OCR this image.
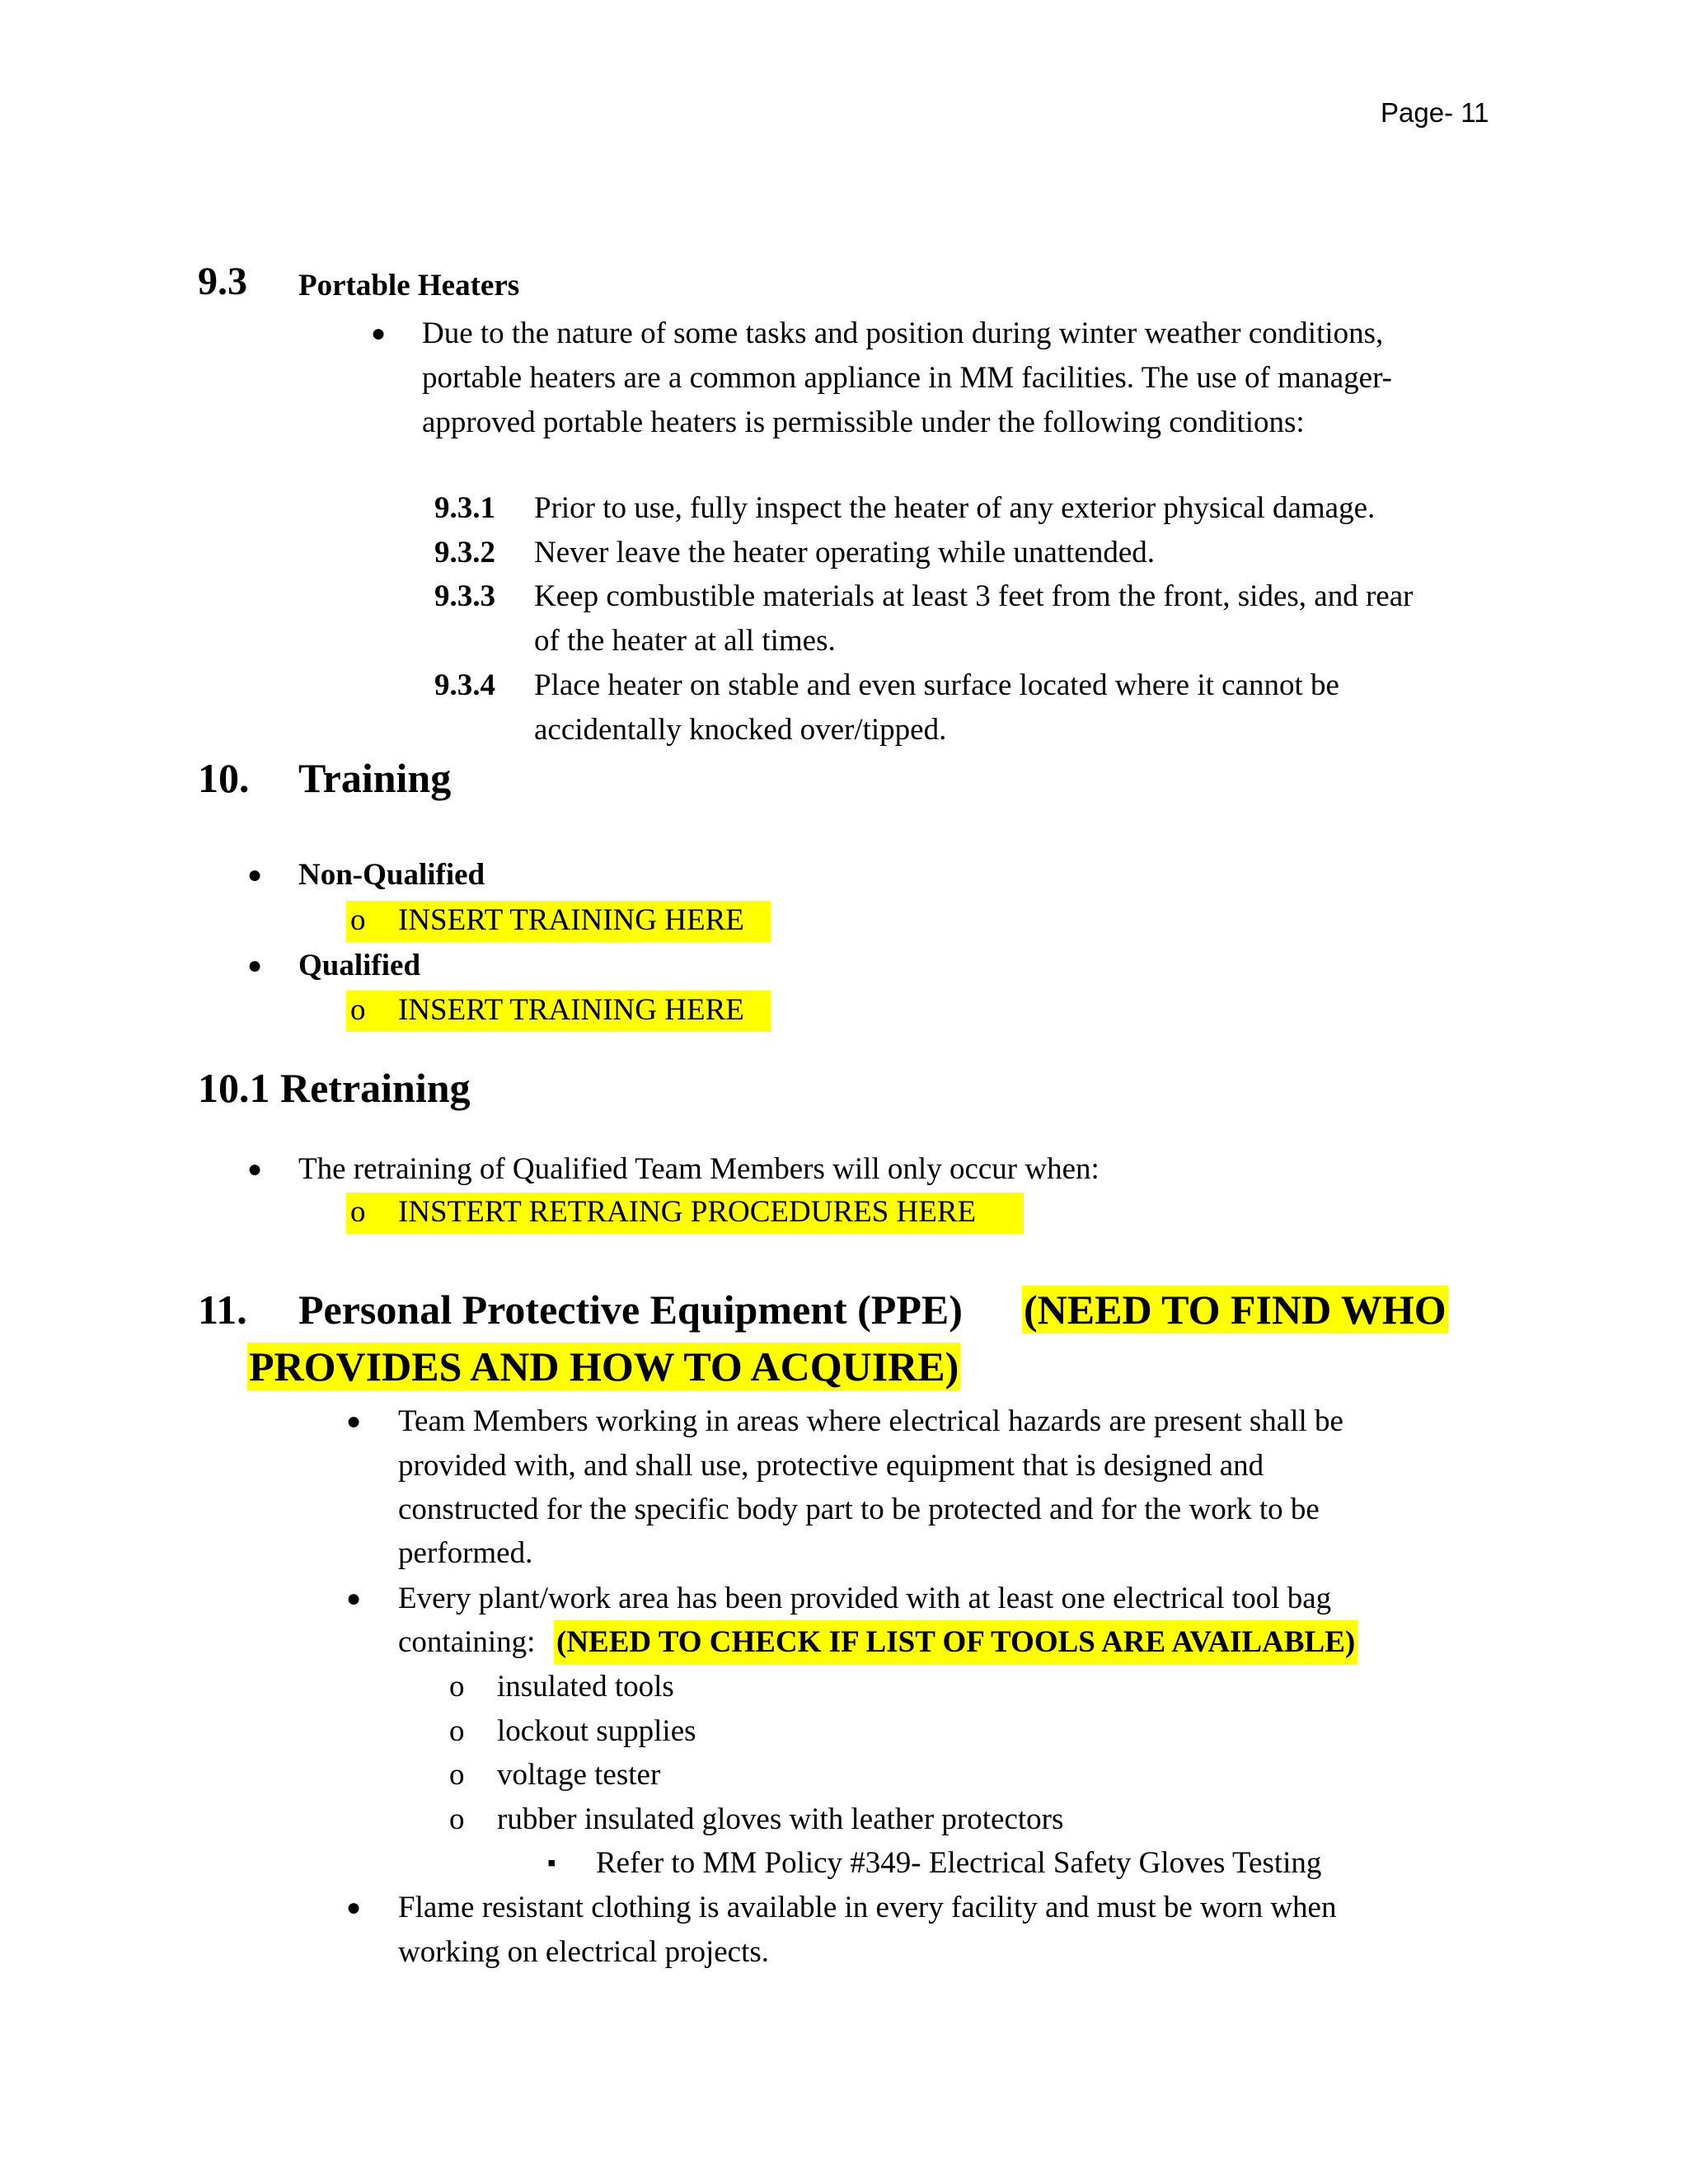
Page- 11
9.3 Portable Heaters
● Due to the nature of some tasks and position during winter weather conditions,
portable heaters are a common appliance in MM facilities. The use of manager-
approved portable heaters is permissible under the following conditions:
9.3.1 Prior to use, fully inspect the heater of any exterior physical damage.
9.3.2 Never leave the heater operating while unattended.
9.3.3 Keep combustible materials at least 3 feet from the front, sides, and rear
of the heater at all times.
9.3.4 Place heater on stable and even surface located where it cannot be
accidentally knocked over/tipped.
10. Training
● Non-Qualified
o INSERT TRAINING HERE
● Qualified
o INSERT TRAINING HERE
10.1 Retraining
● The retraining of Qualified Team Members will only occur when:
o INSTERT RETRAING PROCEDURES HERE
11. Personal Protective Equipment (PPE) (NEED TO FIND WHO
PROVIDES AND HOW TO ACQUIRE)
● Team Members working in areas where electrical hazards are present shall be
provided with, and shall use, protective equipment that is designed and
constructed for the specific body part to be protected and for the work to be
performed.
● Every plant/work area has been provided with at least one electrical tool bag
containing: (NEED TO CHECK IF LIST OF TOOLS ARE AVAILABLE)
o insulated tools
o lockout supplies
o voltage tester
o rubber insulated gloves with leather protectors
▪ Refer to MM Policy #349- Electrical Safety Gloves Testing
● Flame resistant clothing is available in every facility and must be worn when
working on electrical projects.
